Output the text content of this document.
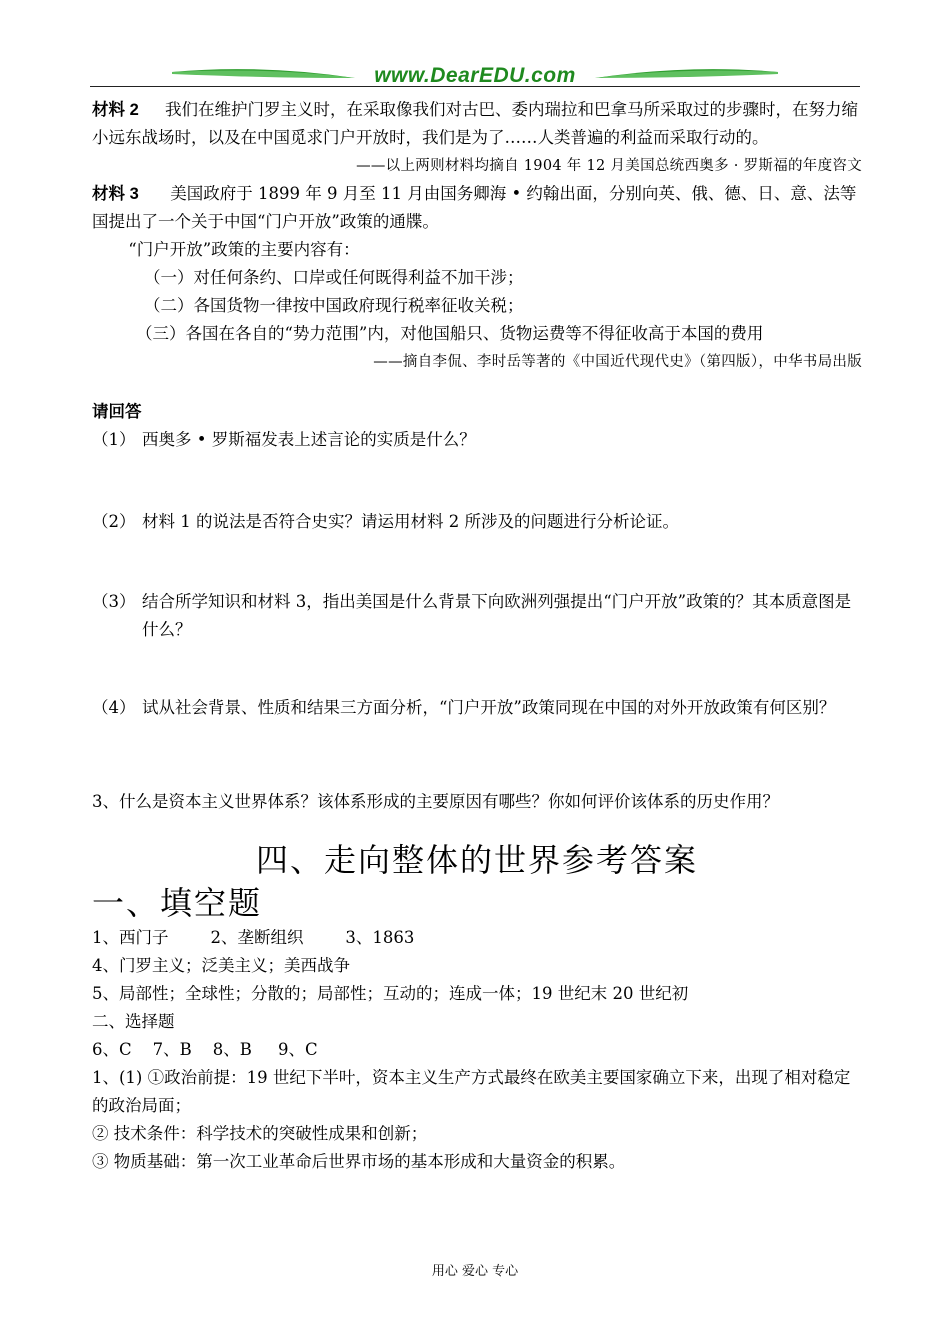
www.DearEDU.com

材料 2 我们在维护门罗主义时，在采取像我们对古巴、委内瑞拉和巴拿马所采取过的步骤时，在努力缩小远东战场时，以及在中国觅求门户开放时，我们是为了……人类普遍的利益而采取行动的。

——以上两则材料均摘自 1904 年 12 月美国总统西奥多 · 罗斯福的年度咨文

材料 3 美国政府于 1899 年 9 月至 11 月由国务卿海 • 约翰出面，分别向英、俄、德、日、意、法等国提出了一个关于中国“门户开放”政策的通牒。

“门户开放”政策的主要内容有：

（一）对任何条约、口岸或任何既得利益不加干涉；

（二）各国货物一律按中国政府现行税率征收关税；

（三）各国在各自的“势力范围”内，对他国船只、货物运费等不得征收高于本国的费用

——摘自李侃、李时岳等著的《中国近代现代史》（第四版），中华书局出版

请回答

（1） 西奥多 • 罗斯福发表上述言论的实质是什么？
（2） 材料 1 的说法是否符合史实？请运用材料 2 所涉及的问题进行分析论证。
（3） 结合所学知识和材料 3，指出美国是什么背景下向欧洲列强提出“门户开放”政策的？其本质意图是什么？
（4） 试从社会背景、性质和结果三方面分析，“门户开放”政策同现在中国的对外开放政策有何区别？

3、什么是资本主义世界体系？该体系形成的主要原因有哪些？你如何评价该体系的历史作用？

四、走向整体的世界参考答案
一、填空题

1、西门子        2、垄断组织        3、1863

4、门罗主义；泛美主义；美西战争

5、局部性；全球性；分散的；局部性；互动的；连成一体；19 世纪末 20 世纪初

二、选择题

6、C    7、B    8、B     9、C

1、(1) ①政治前提：19 世纪下半叶，资本主义生产方式最终在欧美主要国家确立下来，出现了相对稳定的政治局面；

② 技术条件：科学技术的突破性成果和创新；

③ 物质基础：第一次工业革命后世界市场的基本形成和大量资金的积累。

用心 爱心 专心
